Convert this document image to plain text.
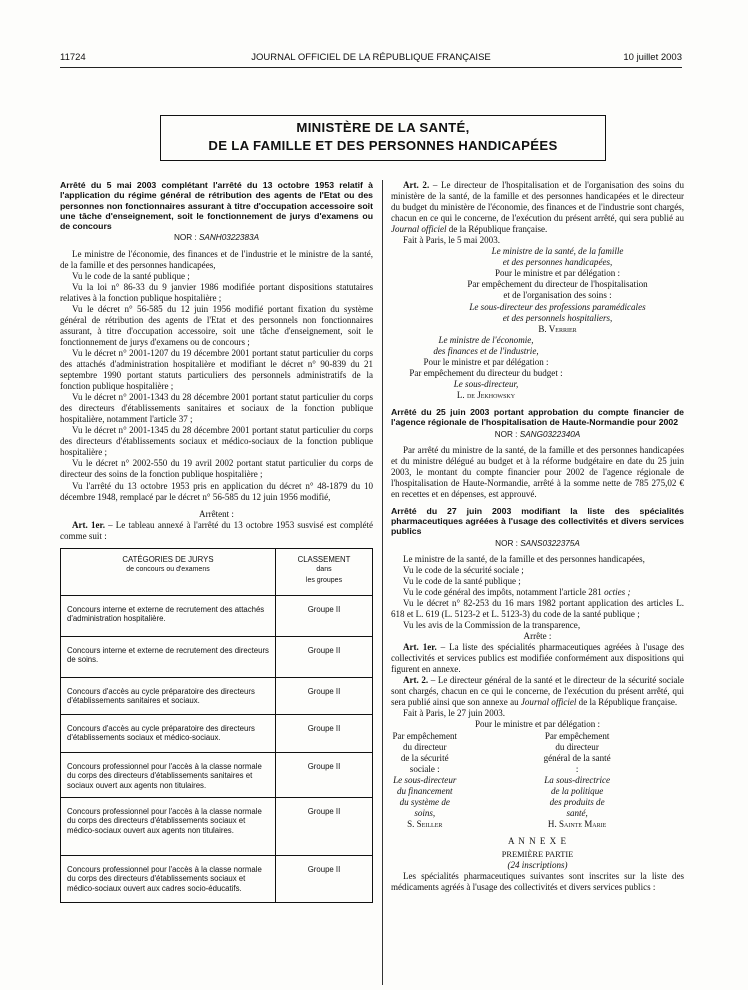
11724	JOURNAL OFFICIEL DE LA RÉPUBLIQUE FRANÇAISE	10 juillet 2003
MINISTÈRE DE LA SANTÉ,
DE LA FAMILLE ET DES PERSONNES HANDICAPÉES

Arrêté du 5 mai 2003 complétant l'arrêté du 13 octobre 1953 relatif à l'application du régime général de rétribution des agents de l'Etat ou des personnes non fonctionnaires assurant à titre d'occupation accessoire soit une tâche d'enseignement, soit le fonctionnement de jurys d'examens ou de concours

NOR : SANH0322383A

Le ministre de l'économie, des finances et de l'industrie et le ministre de la santé, de la famille et des personnes handicapées,

Vu le code de la santé publique ;

Vu la loi n° 86-33 du 9 janvier 1986 modifiée portant dispositions statutaires relatives à la fonction publique hospitalière ;

Vu le décret n° 56-585 du 12 juin 1956 modifié portant fixation du système général de rétribution des agents de l'Etat et des personnels non fonctionnaires assurant, à titre d'occupation accessoire, soit une tâche d'enseignement, soit le fonctionnement de jurys d'examens ou de concours ;

Vu le décret n° 2001-1207 du 19 décembre 2001 portant statut particulier du corps des attachés d'administration hospitalière et modifiant le décret n° 90-839 du 21 septembre 1990 portant statuts particuliers des personnels administratifs de la fonction publique hospitalière ;

Vu le décret n° 2001-1343 du 28 décembre 2001 portant statut particulier du corps des directeurs d'établissements sanitaires et sociaux de la fonction publique hospitalière, notamment l'article 37 ;

Vu le décret n° 2001-1345 du 28 décembre 2001 portant statut particulier du corps des directeurs d'établissements sociaux et médico-sociaux de la fonction publique hospitalière ;

Vu le décret n° 2002-550 du 19 avril 2002 portant statut particulier du corps de directeur des soins de la fonction publique hospitalière ;

Vu l'arrêté du 13 octobre 1953 pris en application du décret n° 48-1879 du 10 décembre 1948, remplacé par le décret n° 56-585 du 12 juin 1956 modifié,

Arrêtent :

Art. 1er. – Le tableau annexé à l'arrêté du 13 octobre 1953 susvisé est complété comme suit :

CATÉGORIES DE JURYS
de concours ou d'examens	CLASSEMENT
dans
les groupes
Concours interne et externe de recrutement des attachés d'administration hospitalière.	Groupe II
Concours interne et externe de recrutement des directeurs de soins.	Groupe II
Concours d'accès au cycle préparatoire des directeurs d'établissements sanitaires et sociaux.	Groupe II
Concours d'accès au cycle préparatoire des directeurs d'établissements sociaux et médico-sociaux.	Groupe II
Concours professionnel pour l'accès à la classe normale du corps des directeurs d'établissements sanitaires et sociaux ouvert aux agents non titulaires.	Groupe II
Concours professionnel pour l'accès à la classe normale du corps des directeurs d'établissements sociaux et médico-sociaux ouvert aux agents non titulaires.	Groupe II
Concours professionnel pour l'accès à la classe normale du corps des directeurs d'établissements sociaux et médico-sociaux ouvert aux cadres socio-éducatifs.	Groupe II

Art. 2. – Le directeur de l'hospitalisation et de l'organisation des soins du ministère de la santé, de la famille et des personnes handicapées et le directeur du budget du ministère de l'économie, des finances et de l'industrie sont chargés, chacun en ce qui le concerne, de l'exécution du présent arrêté, qui sera publié au Journal officiel de la République française.

Fait à Paris, le 5 mai 2003.

Le ministre de la santé, de la famille
et des personnes handicapées,
Pour le ministre et par délégation :
Par empêchement du directeur de l'hospitalisation
et de l'organisation des soins :
Le sous-directeur des professions paramédicales
et des personnels hospitaliers,
B. Verrier
Le ministre de l'économie,
des finances et de l'industrie,
Pour le ministre et par délégation :
Par empêchement du directeur du budget :
Le sous-directeur,
L. de Jekhowsky

Arrêté du 25 juin 2003 portant approbation du compte financier de l'agence régionale de l'hospitalisation de Haute-Normandie pour 2002

NOR : SANG0322340A

Par arrêté du ministre de la santé, de la famille et des personnes handicapées et du ministre délégué au budget et à la réforme budgétaire en date du 25 juin 2003, le montant du compte financier pour 2002 de l'agence régionale de l'hospitalisation de Haute-Normandie, arrêté à la somme nette de 785 275,02 € en recettes et en dépenses, est approuvé.

Arrêté du 27 juin 2003 modifiant la liste des spécialités pharmaceutiques agréées à l'usage des collectivités et divers services publics

NOR : SANS0322375A

Le ministre de la santé, de la famille et des personnes handicapées,

Vu le code de la sécurité sociale ;

Vu le code de la santé publique ;

Vu le code général des impôts, notamment l'article 281 octies ;

Vu le décret n° 82-253 du 16 mars 1982 portant application des articles L. 618 et L. 619 (L. 5123-2 et L. 5123-3) du code de la santé publique ;

Vu les avis de la Commission de la transparence,

Arrête :

Art. 1er. – La liste des spécialités pharmaceutiques agréées à l'usage des collectivités et services publics est modifiée conformément aux dispositions qui figurent en annexe.

Art. 2. – Le directeur général de la santé et le directeur de la sécurité sociale sont chargés, chacun en ce qui le concerne, de l'exécution du présent arrêté, qui sera publié ainsi que son annexe au Journal officiel de la République française.

Fait à Paris, le 27 juin 2003.

Pour le ministre et par délégation :
Par empêchement du directeur
de la sécurité sociale :
Le sous-directeur
du financement
du système de soins,
S. Seiller
Par empêchement
du directeur général de la santé :
La sous-directrice
de la politique
des produits de santé,
H. Sainte Marie
A N N E X E
PREMIÈRE PARTIE
(24 inscriptions)

Les spécialités pharmaceutiques suivantes sont inscrites sur la liste des médicaments agréés à l'usage des collectivités et divers services publics :
